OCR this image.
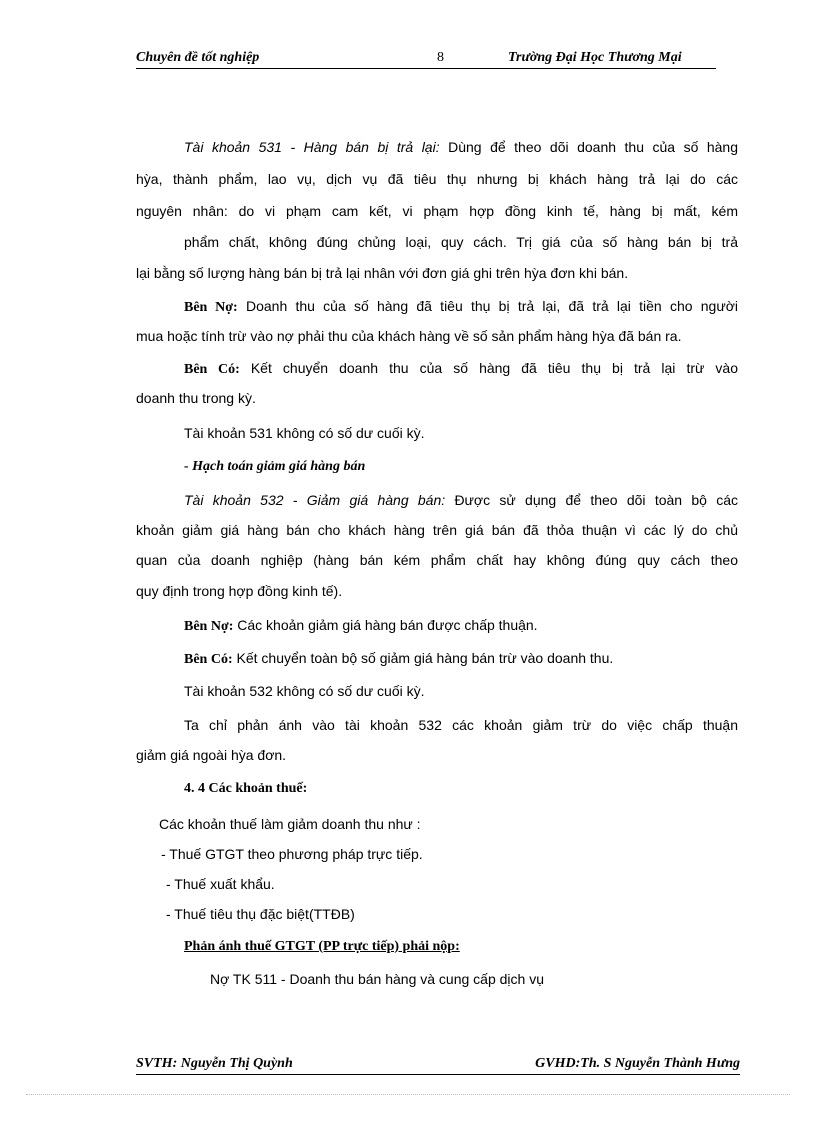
Chuyên đề tốt nghiệp	8	Trường Đại Học Thương Mại
Tài khoản 531 - Hàng bán bị trả lại: Dùng để theo dõi doanh thu của số hàng
hỳa, thành phẩm, lao vụ, dịch vụ đã tiêu thụ nhưng bị khách hàng trả lại do các
nguyên nhân: do vi phạm cam kết, vi phạm hợp đồng kinh tế, hàng bị mất, kém
phẩm chất, không đúng chủng loại, quy cách. Trị giá của số hàng bán bị trả
lại bằng số lượng hàng bán bị trả lại nhân với đơn giá ghi trên hỳa đơn khi bán.
Bên Nợ: Doanh thu của số hàng đã tiêu thụ bị trả lại, đã trả lại tiền cho người
mua hoặc tính trừ vào nợ phải thu của khách hàng về số sản phẩm hàng hỳa đã bán ra.
Bên Có: Kết chuyển doanh thu của số hàng đã tiêu thụ bị trả lại trừ vào
doanh thu trong kỳ.
Tài khoản 531 không có số dư cuối kỳ.
- Hạch toán giảm giá hàng bán
Tài khoản 532 - Giảm giá hàng bán: Được sử dụng để theo dõi toàn bộ các
khoản giảm giá hàng bán cho khách hàng trên giá bán đã thỏa thuận vì các lý do chủ
quan của doanh nghiệp (hàng bán kém phẩm chất hay không đúng quy cách theo
quy định trong hợp đồng kinh tế).
Bên Nợ: Các khoản giảm giá hàng bán được chấp thuận.
Bên Có: Kết chuyển toàn bộ số giảm giá hàng bán trừ vào doanh thu.
Tài khoản 532 không có số dư cuối kỳ.
Ta chỉ phản ánh vào tài khoản 532 các khoản giảm trừ do việc chấp thuận
giảm giá ngoài hỳa đơn.
4. 4 Các khoản thuế:
Các khoản thuế làm giảm doanh thu như :
- Thuế GTGT theo phương pháp trực tiếp.
- Thuế xuất khẩu.
- Thuế tiêu thụ đặc biệt(TTĐB)
Phản ánh thuế GTGT (PP trực tiếp) phải nộp:
Nợ TK 511 - Doanh thu bán hàng và cung cấp dịch vụ
SVTH: Nguyễn Thị Quỳnh	GVHD:Th. S Nguyễn Thành Hưng
